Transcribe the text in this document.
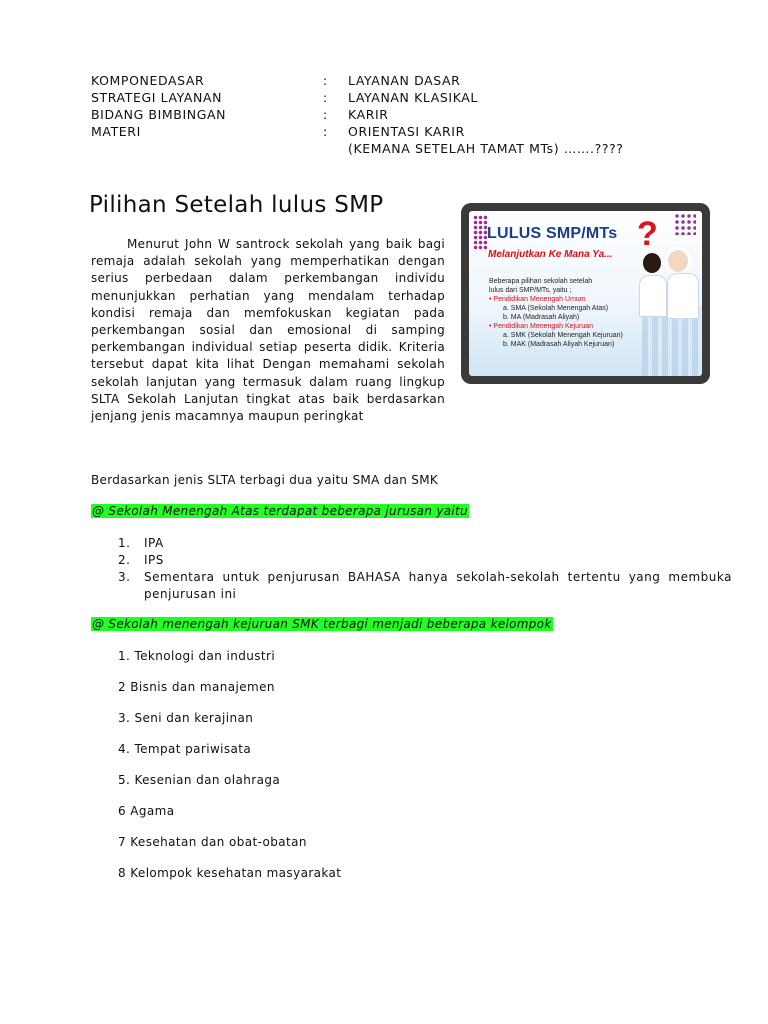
KOMPONEDASAR	: LAYANAN DASAR
STRATEGI LAYANAN	: LAYANAN KLASIKAL
BIDANG BIMBINGAN	: KARIR
MATERI	: ORIENTASI KARIR
(KEMANA SETELAH TAMAT MTs) …….????
Pilihan Setelah lulus SMP
Menurut John W santrock sekolah yang baik bagi remaja adalah sekolah yang memperhatikan dengan serius perbedaan dalam perkembangan individu menunjukkan perhatian yang mendalam terhadap kondisi remaja dan memfokuskan kegiatan pada perkembangan sosial dan emosional di samping perkembangan individual setiap peserta didik. Kriteria tersebut dapat kita lihat Dengan memahami sekolah sekolah lanjutan yang termasuk dalam ruang lingkup SLTA Sekolah Lanjutan tingkat atas baik berdasarkan jenjang jenis macamnya maupun peringkat
LULUS SMP/MTs
Melanjutkan Ke Mana Ya...
?
Beberapa pilihan sekolah setelah
lulus dari SMP/MTs, yaitu ;
• Pendidikan Menengah Umum
a. SMA (Sekolah Menengah Atas)
b. MA (Madrasah Aliyah)
• Pendidikan Menengah Kejuruan
a. SMK (Sekolah Menengah Kejuruan)
b. MAK (Madrasah Aliyah Kejuruan)
Berdasarkan jenis SLTA terbagi dua yaitu SMA dan SMK
@ Sekolah Menengah Atas terdapat beberapa jurusan yaitu
1. IPA
2. IPS
3. Sementara untuk penjurusan BAHASA hanya sekolah-sekolah tertentu yang membuka penjurusan ini
@ Sekolah menengah kejuruan SMK terbagi menjadi beberapa kelompok
1. Teknologi dan industri
2 Bisnis dan manajemen
3. Seni dan kerajinan
4. Tempat pariwisata
5. Kesenian dan olahraga
6 Agama
7 Kesehatan dan obat-obatan
8 Kelompok kesehatan masyarakat
